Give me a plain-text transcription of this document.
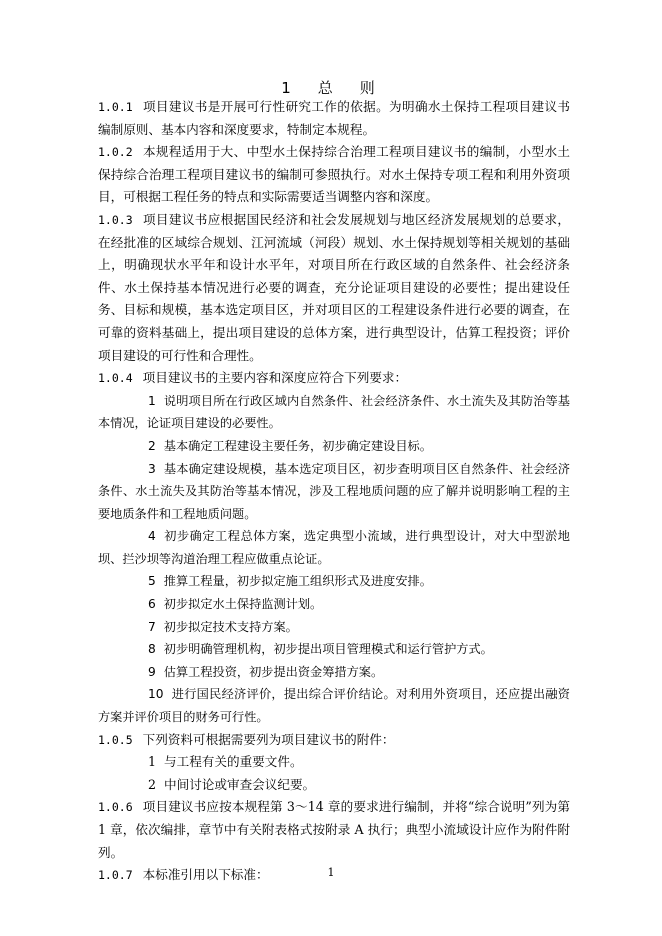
1　总　则

1.0.1 项目建议书是开展可行性研究工作的依据。为明确水土保持工程项目建议书编制原则、基本内容和深度要求，特制定本规程。

1.0.2 本规程适用于大、中型水土保持综合治理工程项目建议书的编制，小型水土保持综合治理工程项目建议书的编制可参照执行。对水土保持专项工程和利用外资项目，可根据工程任务的特点和实际需要适当调整内容和深度。

1.0.3 项目建议书应根据国民经济和社会发展规划与地区经济发展规划的总要求，在经批准的区域综合规划、江河流域（河段）规划、水土保持规划等相关规划的基础上，明确现状水平年和设计水平年，对项目所在行政区域的自然条件、社会经济条件、水土保持基本情况进行必要的调查，充分论证项目建设的必要性；提出建设任务、目标和规模，基本选定项目区，并对项目区的工程建设条件进行必要的调查，在可靠的资料基础上，提出项目建设的总体方案，进行典型设计，估算工程投资；评价项目建设的可行性和合理性。

1.0.4 项目建议书的主要内容和深度应符合下列要求：

1 说明项目所在行政区域内自然条件、社会经济条件、水土流失及其防治等基本情况，论证项目建设的必要性。

2 基本确定工程建设主要任务，初步确定建设目标。

3 基本确定建设规模，基本选定项目区，初步查明项目区自然条件、社会经济条件、水土流失及其防治等基本情况，涉及工程地质问题的应了解并说明影响工程的主要地质条件和工程地质问题。

4 初步确定工程总体方案，选定典型小流域，进行典型设计，对大中型淤地坝、拦沙坝等沟道治理工程应做重点论证。

5 推算工程量，初步拟定施工组织形式及进度安排。

6 初步拟定水土保持监测计划。

7 初步拟定技术支持方案。

8 初步明确管理机构，初步提出项目管理模式和运行管护方式。

9 估算工程投资，初步提出资金筹措方案。

10 进行国民经济评价，提出综合评价结论。对利用外资项目，还应提出融资方案并评价项目的财务可行性。

1.0.5 下列资料可根据需要列为项目建议书的附件：

1 与工程有关的重要文件。

2 中间讨论或审查会议纪要。

1.0.6 项目建议书应按本规程第 3～14 章的要求进行编制，并将“综合说明”列为第 1 章，依次编排，章节中有关附表格式按附录 A 执行；典型小流域设计应作为附件附列。

1.0.7 本标准引用以下标准：	1
